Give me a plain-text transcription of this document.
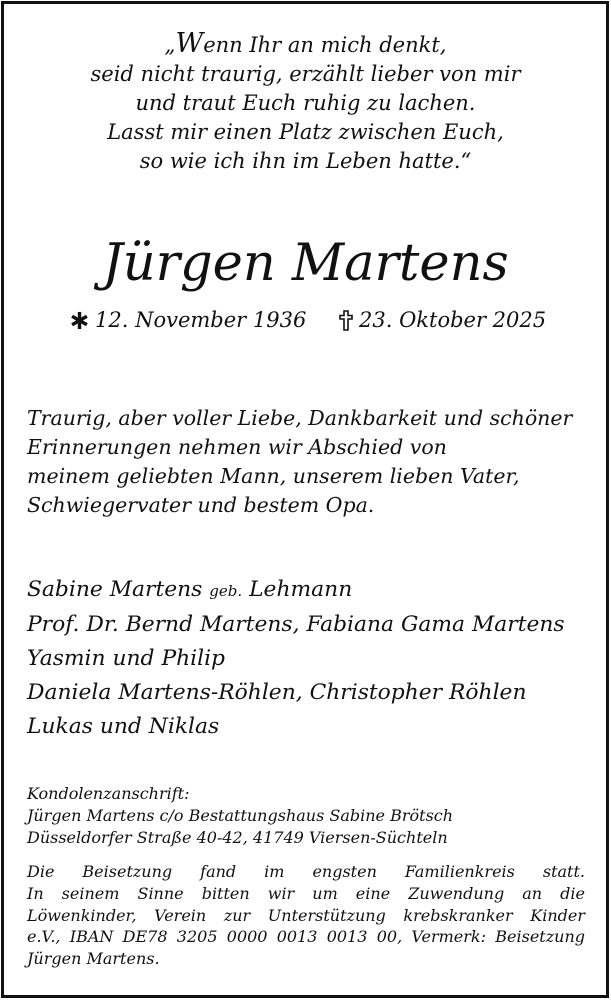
„Wenn Ihr an mich denkt,
seid nicht traurig, erzählt lieber von mir
und traut Euch ruhig zu lachen.
Lasst mir einen Platz zwischen Euch,
so wie ich ihn im Leben hatte.“
Jürgen Martens
12. November 1936	23. Oktober 2025
Traurig, aber voller Liebe, Dankbarkeit und schöner
Erinnerungen nehmen wir Abschied von
meinem geliebten Mann, unserem lieben Vater,
Schwiegervater und bestem Opa.
Sabine Martens geb. Lehmann
Prof. Dr. Bernd Martens, Fabiana Gama Martens
Yasmin und Philip
Daniela Martens-Röhlen, Christopher Röhlen
Lukas und Niklas
Kondolenzanschrift:
Jürgen Martens c/o Bestattungshaus Sabine Brötsch
Düsseldorfer Straße 40-42, 41749 Viersen-Süchteln
Die Beisetzung fand im engsten Familienkreis statt.
In seinem Sinne bitten wir um eine Zuwendung an die
Löwenkinder, Verein zur Unterstützung krebskranker Kinder
e.V., IBAN DE78 3205 0000 0013 0013 00, Vermerk: Beisetzung
Jürgen Martens.
